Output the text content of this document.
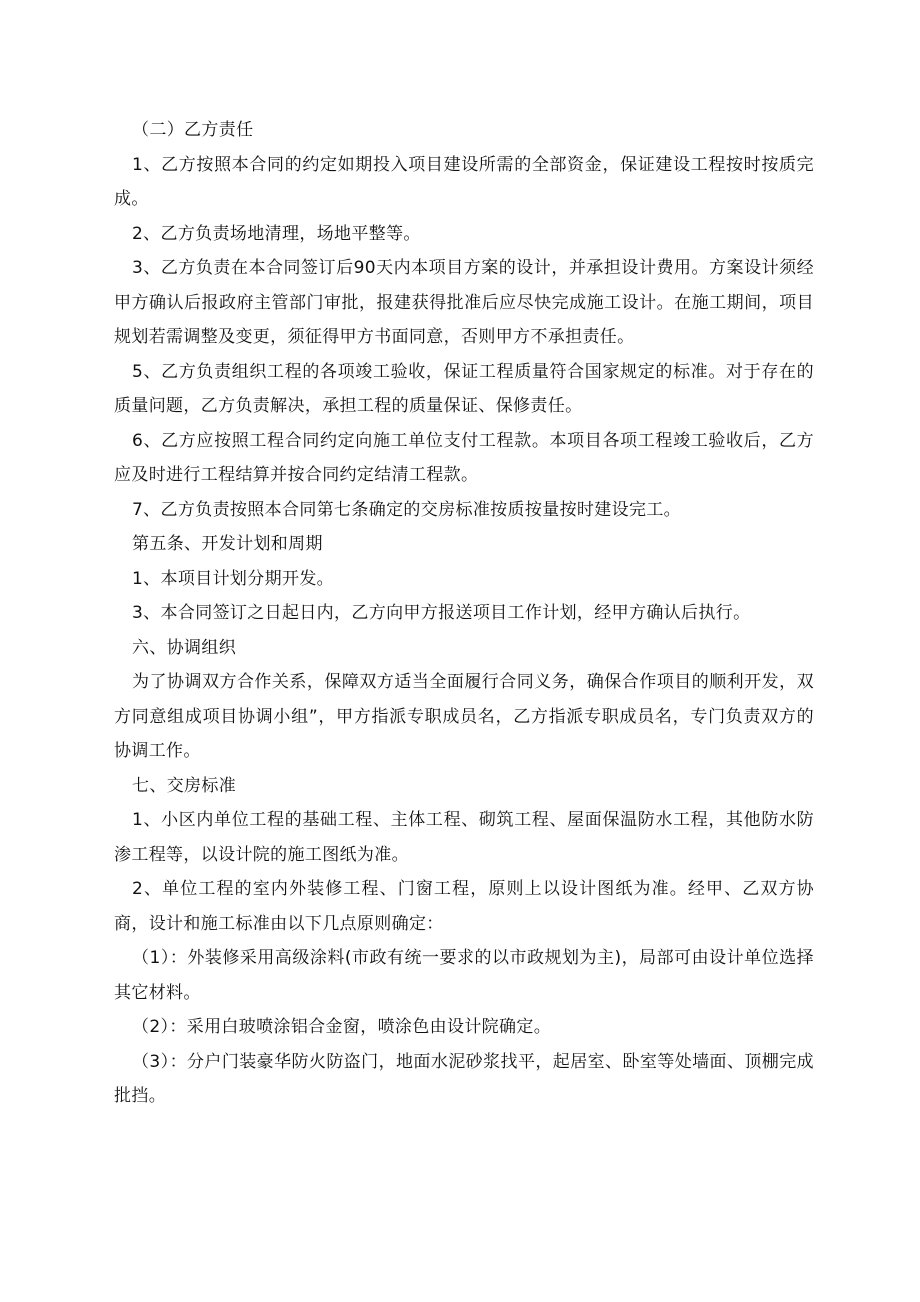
（二）乙方责任

1、乙方按照本合同的约定如期投入项目建设所需的全部资金，保证建设工程按时按质完成。

2、乙方负责场地清理，场地平整等。

3、乙方负责在本合同签订后90天内本项目方案的设计，并承担设计费用。方案设计须经甲方确认后报政府主管部门审批，报建获得批准后应尽快完成施工设计。在施工期间，项目规划若需调整及变更，须征得甲方书面同意，否则甲方不承担责任。

5、乙方负责组织工程的各项竣工验收，保证工程质量符合国家规定的标准。对于存在的质量问题，乙方负责解决，承担工程的质量保证、保修责任。

6、乙方应按照工程合同约定向施工单位支付工程款。本项目各项工程竣工验收后，乙方应及时进行工程结算并按合同约定结清工程款。

7、乙方负责按照本合同第七条确定的交房标准按质按量按时建设完工。

第五条、开发计划和周期

1、本项目计划分期开发。

3、本合同签订之日起日内，乙方向甲方报送项目工作计划，经甲方确认后执行。

六、协调组织

为了协调双方合作关系，保障双方适当全面履行合同义务，确保合作项目的顺利开发，双方同意组成项目协调小组”，甲方指派专职成员名，乙方指派专职成员名，专门负责双方的协调工作。

七、交房标准

1、小区内单位工程的基础工程、主体工程、砌筑工程、屋面保温防水工程，其他防水防渗工程等，以设计院的施工图纸为准。

2、单位工程的室内外装修工程、门窗工程，原则上以设计图纸为准。经甲、乙双方协商，设计和施工标准由以下几点原则确定：

（1）：外装修采用高级涂料(市政有统一要求的以市政规划为主)，局部可由设计单位选择其它材料。

（2）：采用白玻喷涂铝合金窗，喷涂色由设计院确定。

（3）：分户门装豪华防火防盗门，地面水泥砂浆找平，起居室、卧室等处墙面、顶棚完成批挡。
